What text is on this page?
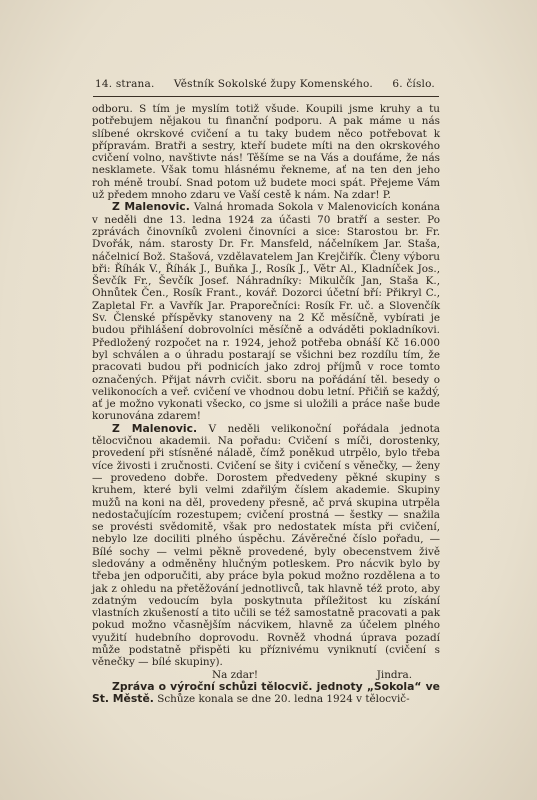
14. strana. Věstník Sokolské župy Komenského. 6. číslo.

odboru. S tím je myslím totiž všude. Koupili jsme kruhy a tu potřebujem nějakou tu finanční podporu. A pak máme u nás slíbené okrskové cvičení a tu taky budem něco potřebovat k přípravám. Bratři a sestry, kteří budete míti na den okrskového cvičení volno, navštivte nás! Těšíme se na Vás a doufáme, že nás nesklamete. Však tomu hlásnému řekneme, ať na ten den jeho roh méně troubí. Snad potom už budete moci spát. Přejeme Vám už předem mnoho zdaru ve Vaší cestě k nám. Na zdar! P.

Z Malenovic. Valná hromada Sokola v Malenovicích konána v neděli dne 13. ledna 1924 za účasti 70 bratří a sester. Po zprávách činovníků zvoleni činovníci a sice: Starostou br. Fr. Dvořák, nám. starosty Dr. Fr. Mansfeld, náčelníkem Jar. Staša, náčelnicí Bož. Stašová, vzdělavatelem Jan Krejčiřík. Členy výboru bři: Říhák V., Říhák J., Buňka J., Rosík J., Větr Al., Kladníček Jos., Ševčík Fr., Ševčík Josef. Náhradníky: Mikulčík Jan, Staša K., Ohnůtek Čen., Rosík Frant., kovář. Dozorci účetní bří: Přikryl C., Zapletal Fr. a Vavřík Jar. Praporečníci: Rosík Fr. uč. a Slovenčík Sv. Členské příspěvky stanoveny na 2 Kč měsíčně, vybírati je budou přihlášení dobrovolníci měsíčně a odváděti pokladníkovi. Předložený rozpočet na r. 1924, jehož potřeba obnáší Kč 16.000 byl schválen a o úhradu postarají se všichni bez rozdílu tím, že pracovati budou při podnicích jako zdroj příjmů v roce tomto označených. Přijat návrh cvičit. sboru na pořádání těl. besedy o velikonocích a veř. cvičení ve vhodnou dobu letní. Přičiň se každý, ať je možno vykonati všecko, co jsme si uložili a práce naše bude korunována zdarem!

Z Malenovic. V neděli velikonoční pořádala jednota tělocvičnou akademii. Na pořadu: Cvičení s míči, dorostenky, provedení při stísněné náladě, čímž poněkud utrpělo, bylo třeba více živosti i zručnosti. Cvičení se šity i cvičení s věnečky, — ženy — provedeno dobře. Dorostem předvedeny pěkné skupiny s kruhem, které byli velmi zdařilým číslem akademie. Skupiny mužů na koni na děl, provedeny přesně, ač prvá skupina utrpěla nedostačujícím rozestupem; cvičení prostná — šestky — snažila se provésti svědomitě, však pro nedostatek místa při cvičení, nebylo lze dociliti plného úspěchu. Závěrečné číslo pořadu, — Bílé sochy — velmi pěkně provedené, byly obecenstvem živě sledovány a odměněny hlučným potleskem. Pro nácvik bylo by třeba jen odporučiti, aby práce byla pokud možno rozdělena a to jak z ohledu na přetěžování jednotlivců, tak hlavně též proto, aby zdatným vedoucím byla poskytnuta příležitost ku získání vlastních zkušeností a tito učili se též samostatně pracovati a pak pokud možno včasnějším nácvikem, hlavně za účelem plného využití hudebního doprovodu. Rovněž vhodná úprava pozadí může podstatně přispěti ku příznivému vyniknutí (cvičení s věnečky — bílé skupiny).

Na zdar!	Jindra.

Zpráva o výroční schůzi tělocvič. jednoty „Sokola“ ve St. Městě. Schůze konala se dne 20. ledna 1924 v tělocvič-
